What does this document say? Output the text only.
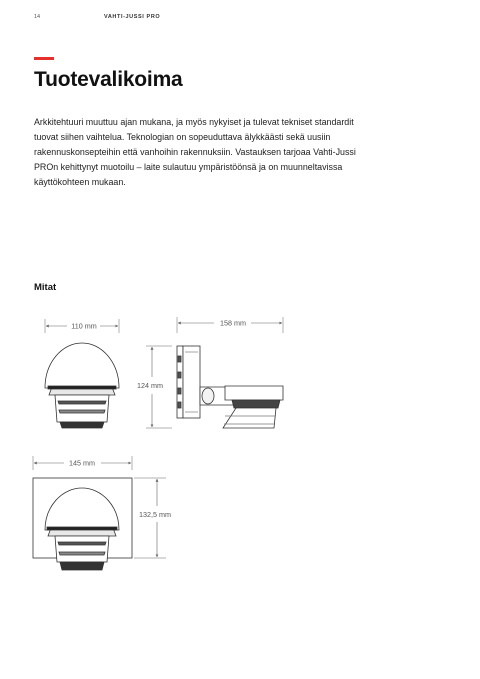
14	VAHTI-JUSSI PRO
Tuotevalikoima

Arkkitehtuuri muuttuu ajan mukana, ja myös nykyiset ja tulevat tekniset standardit
tuovat siihen vaihtelua. Teknologian on sopeuduttava älykkäästi sekä uusiin
rakennuskonsepteihin että vanhoihin rakennuksiin. Vastauksen tarjoaa Vahti-Jussi
PROn kehittynyt muotoilu – laite sulautuu ympäristöönsä ja on muunneltavissa
käyttökohteen mukaan.

Mitat
110 mm	158 mm
124 mm
145 mm
132,5 mm
